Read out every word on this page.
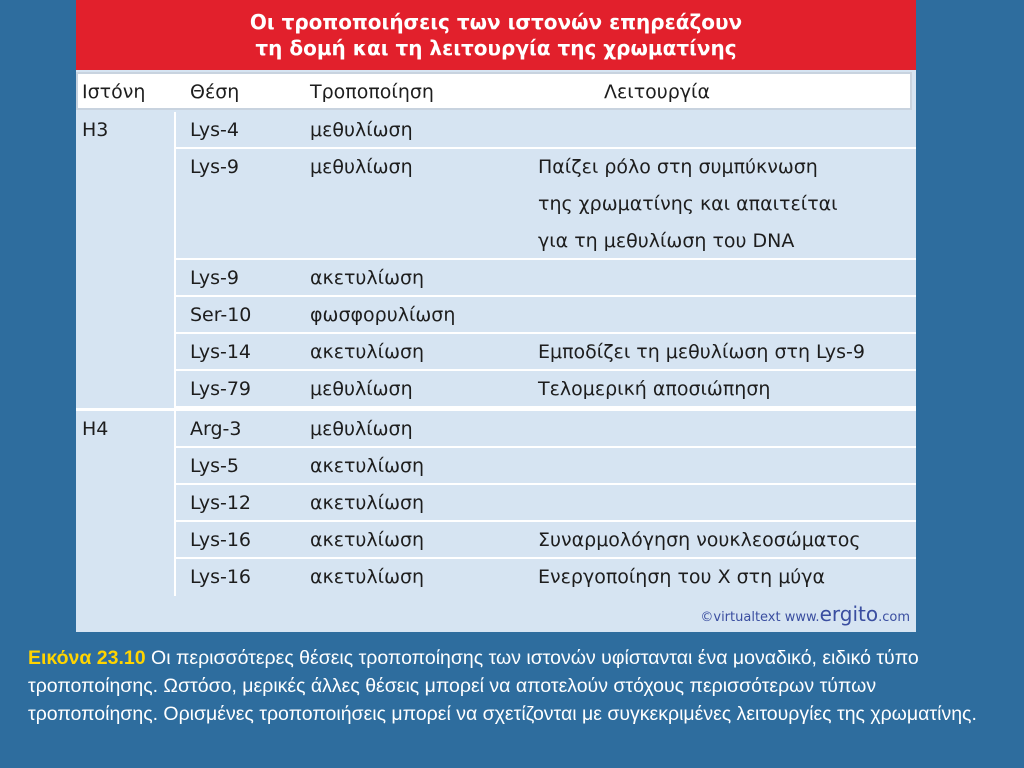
Οι τροποποιήσεις των ιστονών επηρεάζουν
τη δομή και τη λειτουργία της χρωματίνης
Ιστόνη Θέση	Τροποποίηση	Λειτουργία
H3	Lys-4	μεθυλίωση
Lys-9	μεθυλίωση	Παίζει ρόλο στη συμπύκνωση
της χρωματίνης και απαιτείται
για τη μεθυλίωση του DNA
Lys-9	ακετυλίωση
Ser-10	φωσφορυλίωση
Lys-14	ακετυλίωση	Εμποδίζει τη μεθυλίωση στη Lys-9
Lys-79	μεθυλίωση	Τελομερική αποσιώπηση
H4	Arg-3	μεθυλίωση
Lys-5	ακετυλίωση
Lys-12	ακετυλίωση
Lys-16	ακετυλίωση	Συναρμολόγηση νουκλεοσώματος
Lys-16	ακετυλίωση	Ενεργοποίηση του X στη μύγα
©virtualtext www.ergito.com
Εικόνα 23.10 Οι περισσότερες θέσεις τροποποίησης των ιστονών υφίστανται ένα μοναδικό, ειδικό τύπο τροποποίησης. Ωστόσο, μερικές άλλες θέσεις μπορεί να αποτελούν στόχους περισσότερων τύπων τροποποίησης. Ορισμένες τροποποιήσεις μπορεί να σχετίζονται με συγκεκριμένες λειτουργίες της χρωματίνης.
